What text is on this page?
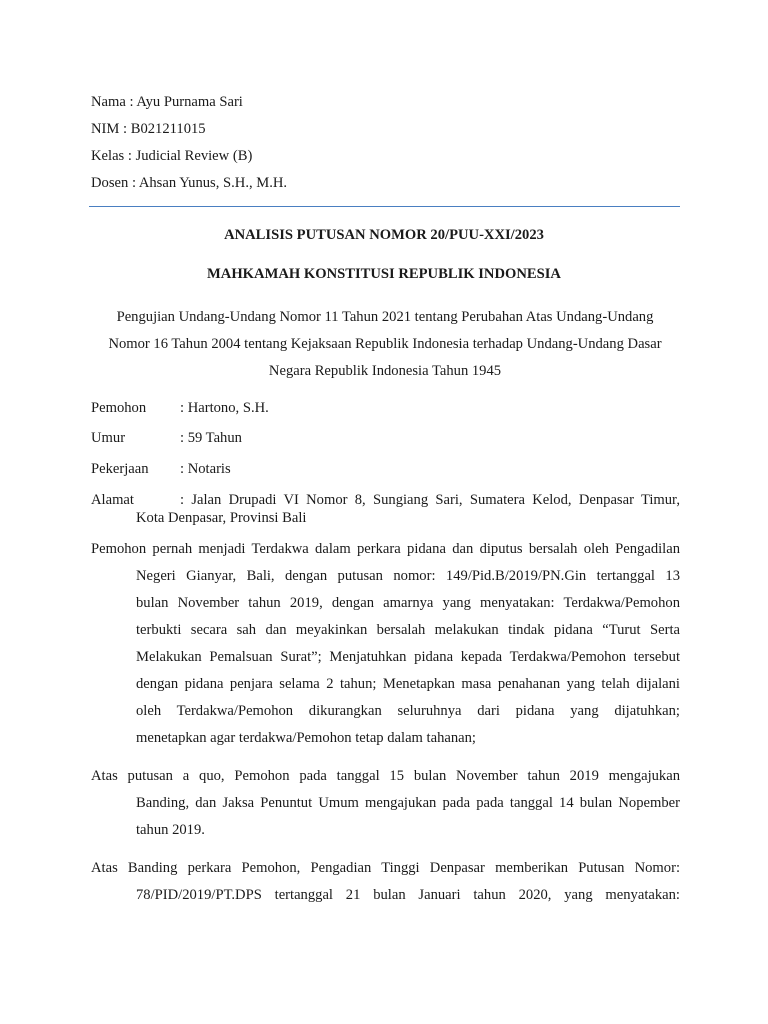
Nama : Ayu Purnama Sari
NIM : B021211015
Kelas : Judicial Review (B)
Dosen : Ahsan Yunus, S.H., M.H.
ANALISIS PUTUSAN NOMOR 20/PUU-XXI/2023
MAHKAMAH KONSTITUSI REPUBLIK INDONESIA
Pengujian Undang-Undang Nomor 11 Tahun 2021 tentang Perubahan Atas Undang-Undang
Nomor 16 Tahun 2004 tentang Kejaksaan Republik Indonesia terhadap Undang-Undang Dasar
Negara Republik Indonesia Tahun 1945
Pemohon : Hartono, S.H.
Umur	: 59 Tahun
Pekerjaan : Notaris
Alamat	: Jalan Drupadi VI Nomor 8, Sungiang Sari, Sumatera Kelod, Denpasar Timur,
Kota Denpasar, Provinsi Bali
Pemohon pernah menjadi Terdakwa dalam perkara pidana dan diputus bersalah oleh Pengadilan
Negeri Gianyar, Bali, dengan putusan nomor: 149/Pid.B/2019/PN.Gin tertanggal 13
bulan November tahun 2019, dengan amarnya yang menyatakan: Terdakwa/Pemohon
terbukti secara sah dan meyakinkan bersalah melakukan tindak pidana “Turut Serta
Melakukan Pemalsuan Surat”; Menjatuhkan pidana kepada Terdakwa/Pemohon tersebut
dengan pidana penjara selama 2 tahun; Menetapkan masa penahanan yang telah dijalani
oleh Terdakwa/Pemohon dikurangkan seluruhnya dari pidana yang dijatuhkan;
menetapkan agar terdakwa/Pemohon tetap dalam tahanan;
Atas putusan a quo, Pemohon pada tanggal 15 bulan November tahun 2019 mengajukan
Banding, dan Jaksa Penuntut Umum mengajukan pada pada tanggal 14 bulan Nopember
tahun 2019.
Atas Banding perkara Pemohon, Pengadian Tinggi Denpasar memberikan Putusan Nomor:
78/PID/2019/PT.DPS tertanggal 21 bulan Januari tahun 2020, yang menyatakan:
